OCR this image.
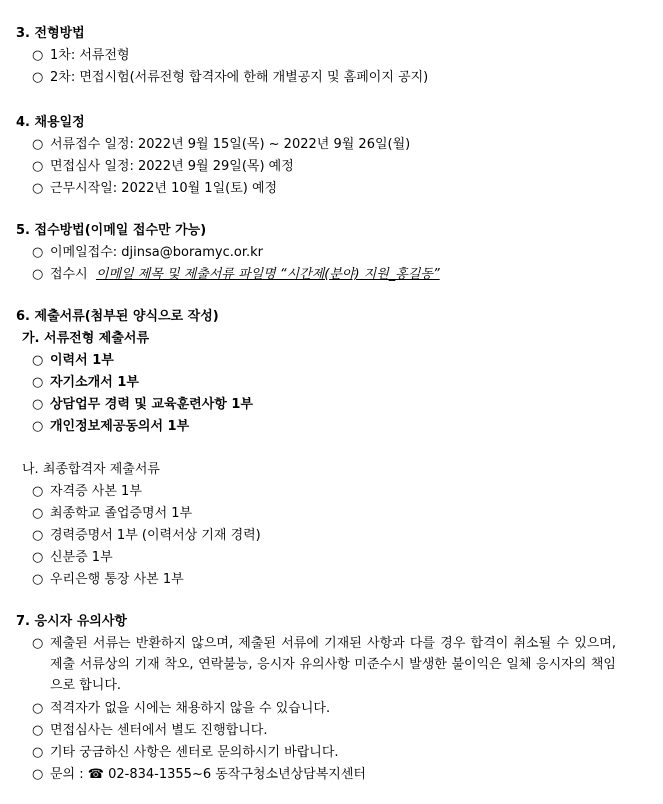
3. 전형방법
○ 1차: 서류전형
○ 2차: 면접시험(서류전형 합격자에 한해 개별공지 및 홈페이지 공지)
4. 채용일정
○ 서류접수 일정: 2022년 9월 15일(목) ~ 2022년 9월 26일(월)
○ 면접심사 일정: 2022년 9월 29일(목) 예정
○ 근무시작일: 2022년 10월 1일(토) 예정
5. 접수방법(이메일 접수만 가능)
○ 이메일접수: djinsa@boramyc.or.kr
○ 접수시 이메일 제목 및 제출서류 파일명 “시간제(분야) 지원_홍길동”
6. 제출서류(첨부된 양식으로 작성)
가. 서류전형 제출서류
○ 이력서 1부
○ 자기소개서 1부
○ 상담업무 경력 및 교육훈련사항 1부
○ 개인정보제공동의서 1부
나. 최종합격자 제출서류
○ 자격증 사본 1부
○ 최종학교 졸업증명서 1부
○ 경력증명서 1부 (이력서상 기재 경력)
○ 신분증 1부
○ 우리은행 통장 사본 1부
7. 응시자 유의사항
○ 제출된 서류는 반환하지 않으며, 제출된 서류에 기재된 사항과 다를 경우 합격이 취소될 수 있으며, 제출 서류상의 기재 착오, 연락불능, 응시자 유의사항 미준수시 발생한 불이익은 일체 응시자의 책임으로 합니다.
○ 적격자가 없을 시에는 채용하지 않을 수 있습니다.
○ 면접심사는 센터에서 별도 진행합니다.
○ 기타 궁금하신 사항은 센터로 문의하시기 바랍니다.
○ 문의 : ☎ 02-834-1355~6 동작구청소년상담복지센터
